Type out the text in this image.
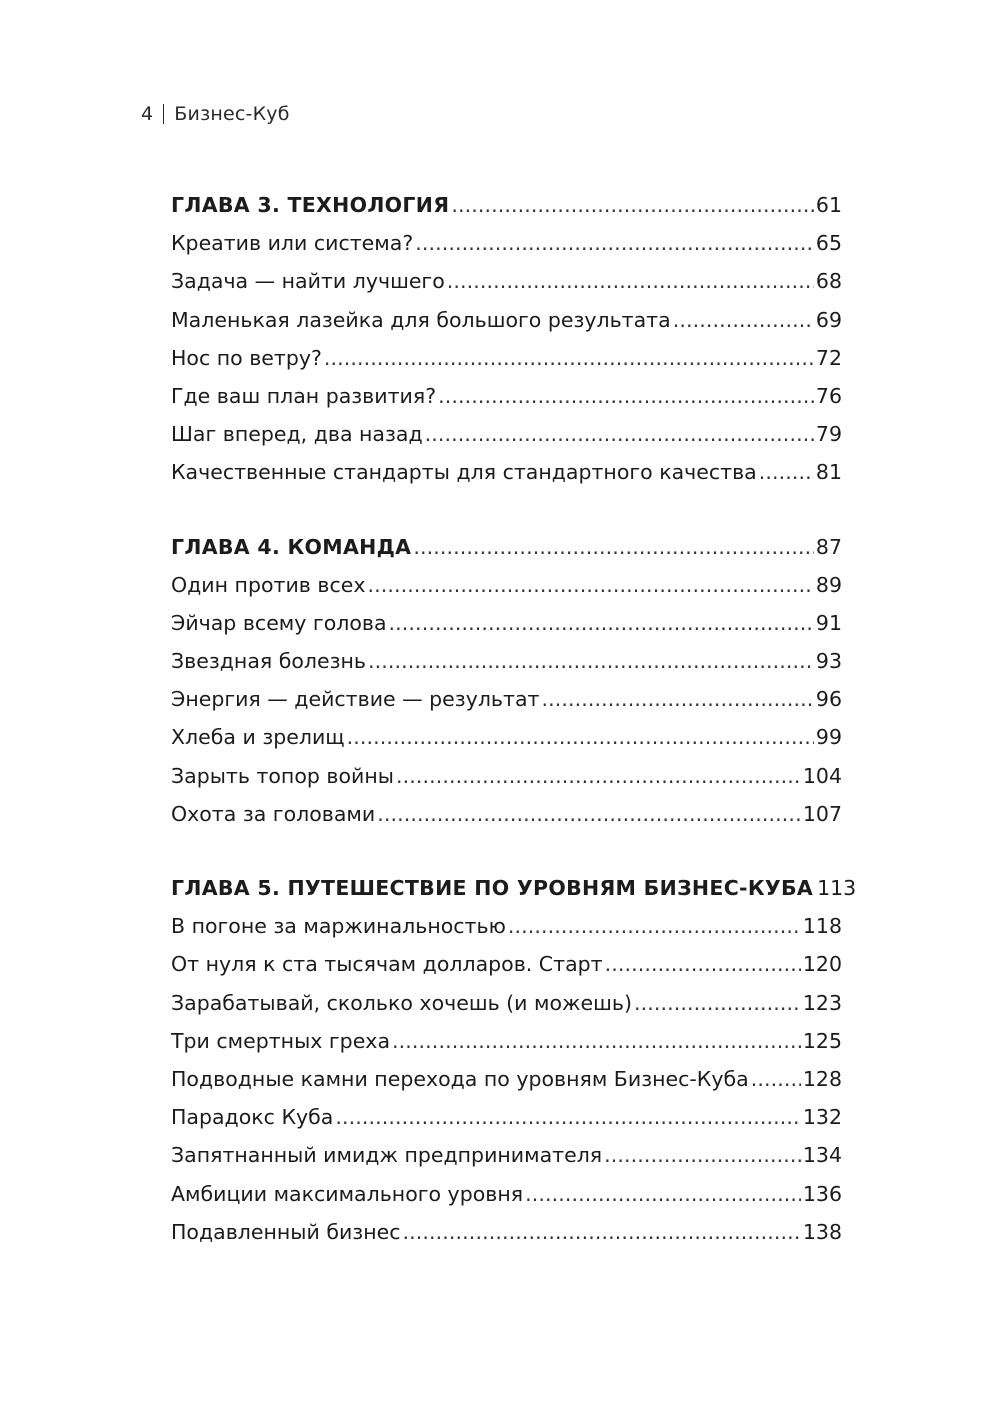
4 Бизнес-Куб
ГЛАВА 3. ТЕХНОЛОГИЯ . . .	61
Креатив или система? . . .	65
Задача — найти лучшего . . .	68
Маленькая лазейка для большого результата . . .	69
Нос по ветру? . . .	72
Где ваш план развития? . . .	76
Шаг вперед, два назад . . .	79
Качественные стандарты для стандартного качества . . .	81
ГЛАВА 4. КОМАНДА . . .	87
Один против всех . . .	89
Эйчар всему голова . . .	91
Звездная болезнь . . .	93
Энергия — действие — результат . . .	96
Хлеба и зрелищ . . .	99
Зарыть топор войны . . .	104
Охота за головами . . .	107
ГЛАВА 5. ПУТЕШЕСТВИЕ ПО УРОВНЯМ БИЗНЕС-КУБА 113
В погоне за маржинальностью . . .	118
От нуля к ста тысячам долларов. Старт . . .	120
Зарабатывай, сколько хочешь (и можешь) . . .	123
Три смертных греха . . .	125
Подводные камни перехода по уровням Бизнес-Куба . . .	128
Парадокс Куба . . .	132
Запятнанный имидж предпринимателя . . .	134
Амбиции максимального уровня . . .	136
Подавленный бизнес . . .	138
